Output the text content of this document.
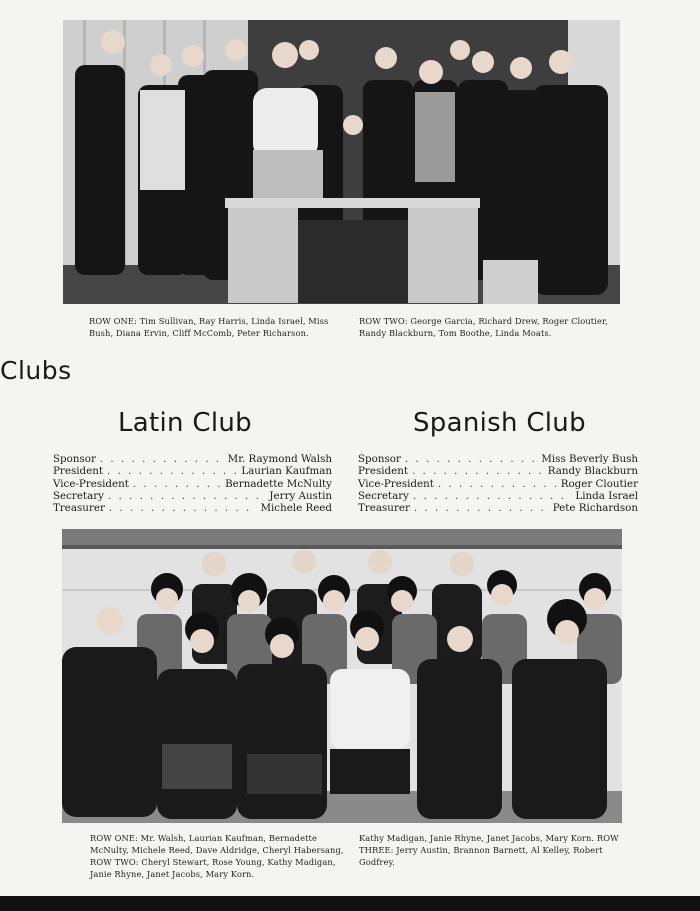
ROW ONE: Tim Sullivan, Ray Harris, Linda Israel, Miss Bush, Diana Ervin, Cliff McComb, Peter Richarson.
ROW TWO: George Garcia, Richard Drew, Roger Cloutier, Randy Blackburn, Tom Boothe, Linda Moats.
Clubs
Latin Club	Spanish Club
Sponsor . . .	Mr. Raymond Walsh
President . . .	Laurian Kaufman
Vice-President . . .	Bernadette McNulty
Secretary . . .	Jerry Austin
Treasurer . . .	Michele Reed
Sponsor . . .	Miss Beverly Bush
President . . .	Randy Blackburn
Vice-President . . .	Roger Cloutier
Secretary . . .	Linda Israel
Treasurer . . .	Pete Richardson
ROW ONE: Mr. Walsh, Laurian Kaufman, Bernadette McNulty, Michele Reed, Dave Aldridge, Cheryl Habersang, ROW TWO: Cheryl Stewart, Rose Young, Kathy Madigan, Janie Rhyne, Janet Jacobs, Mary Korn.
Kathy Madigan, Janie Rhyne, Janet Jacobs, Mary Korn. ROW THREE: Jerry Austin, Brannon Barnett, Al Kelley, Robert Godfrey.
